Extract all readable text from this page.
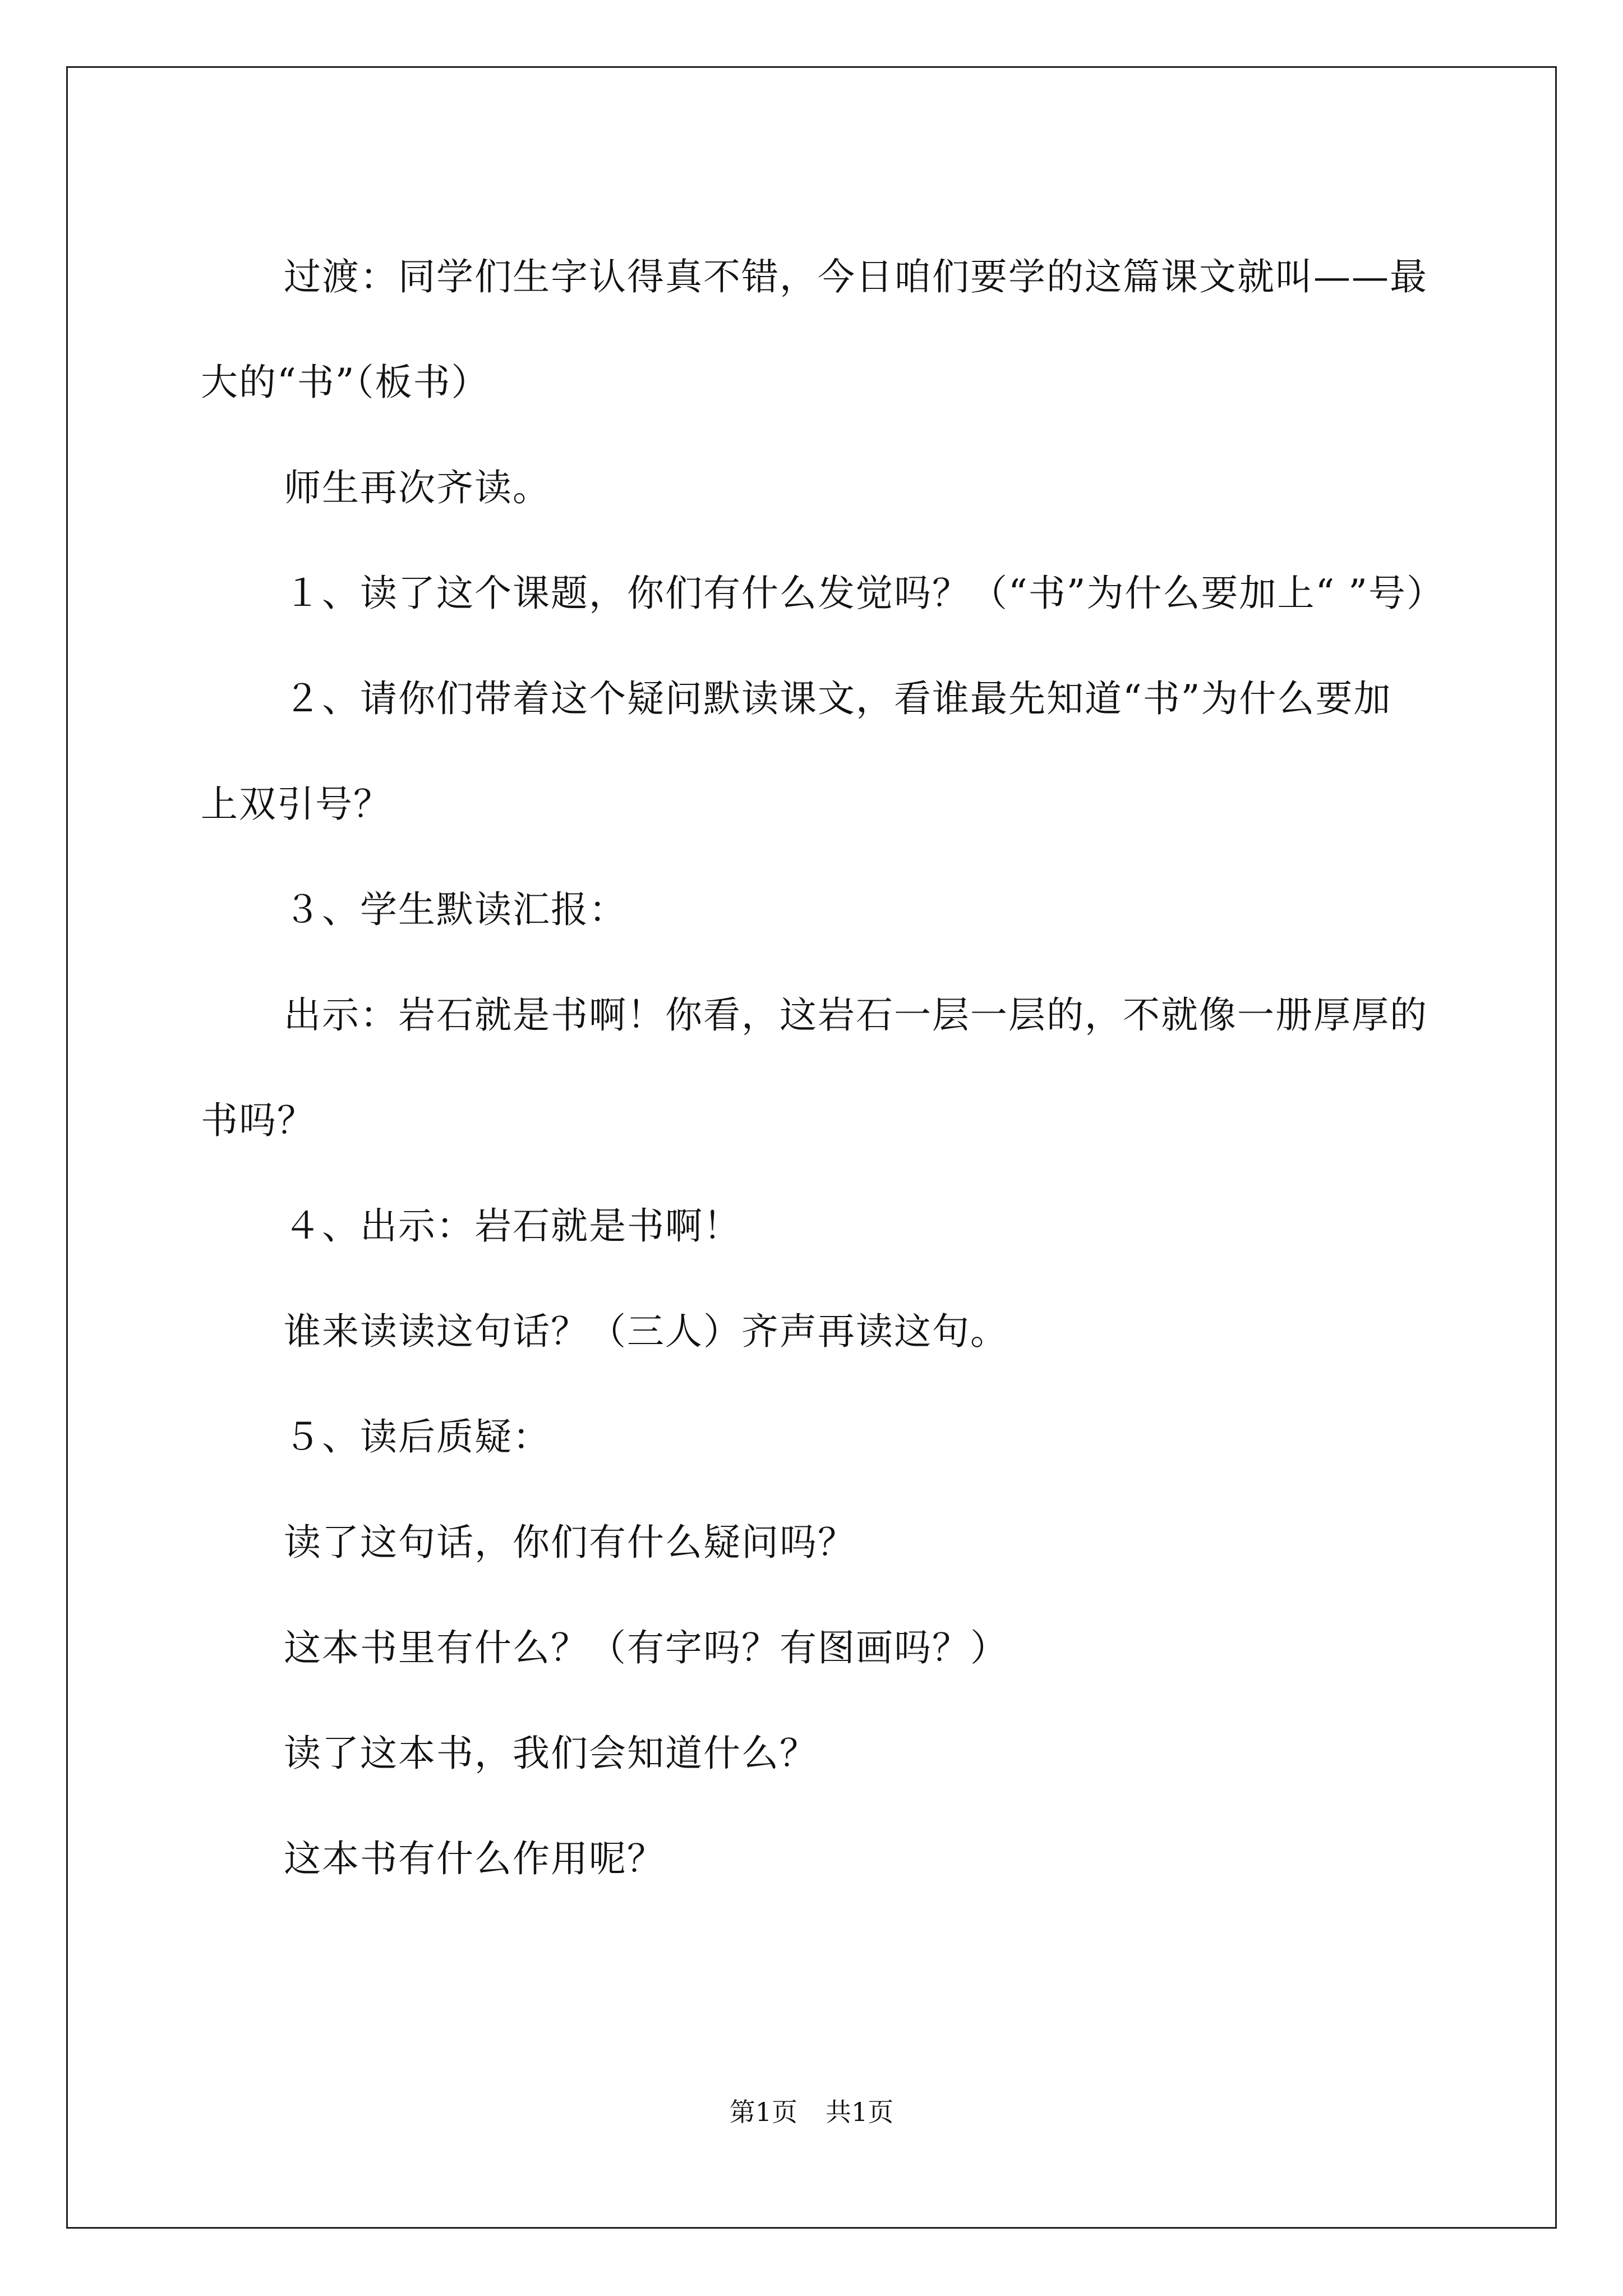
过渡：同学们生字认得真不错，今日咱们要学的这篇课文就叫——最大的“书”（板书）

师生再次齐读。

１、读了这个课题，你们有什么发觉吗？（“书”为什么要加上“ ”号）

２、请你们带着这个疑问默读课文，看谁最先知道“书”为什么要加上双引号？

３、学生默读汇报：

出示：岩石就是书啊！你看，这岩石一层一层的，不就像一册厚厚的书吗？

４、出示：岩石就是书啊！

谁来读读这句话？（三人）齐声再读这句。

５、读后质疑：

读了这句话，你们有什么疑问吗？

这本书里有什么？（有字吗？有图画吗？）

读了这本书，我们会知道什么？

这本书有什么作用呢？

第1页 共1页
